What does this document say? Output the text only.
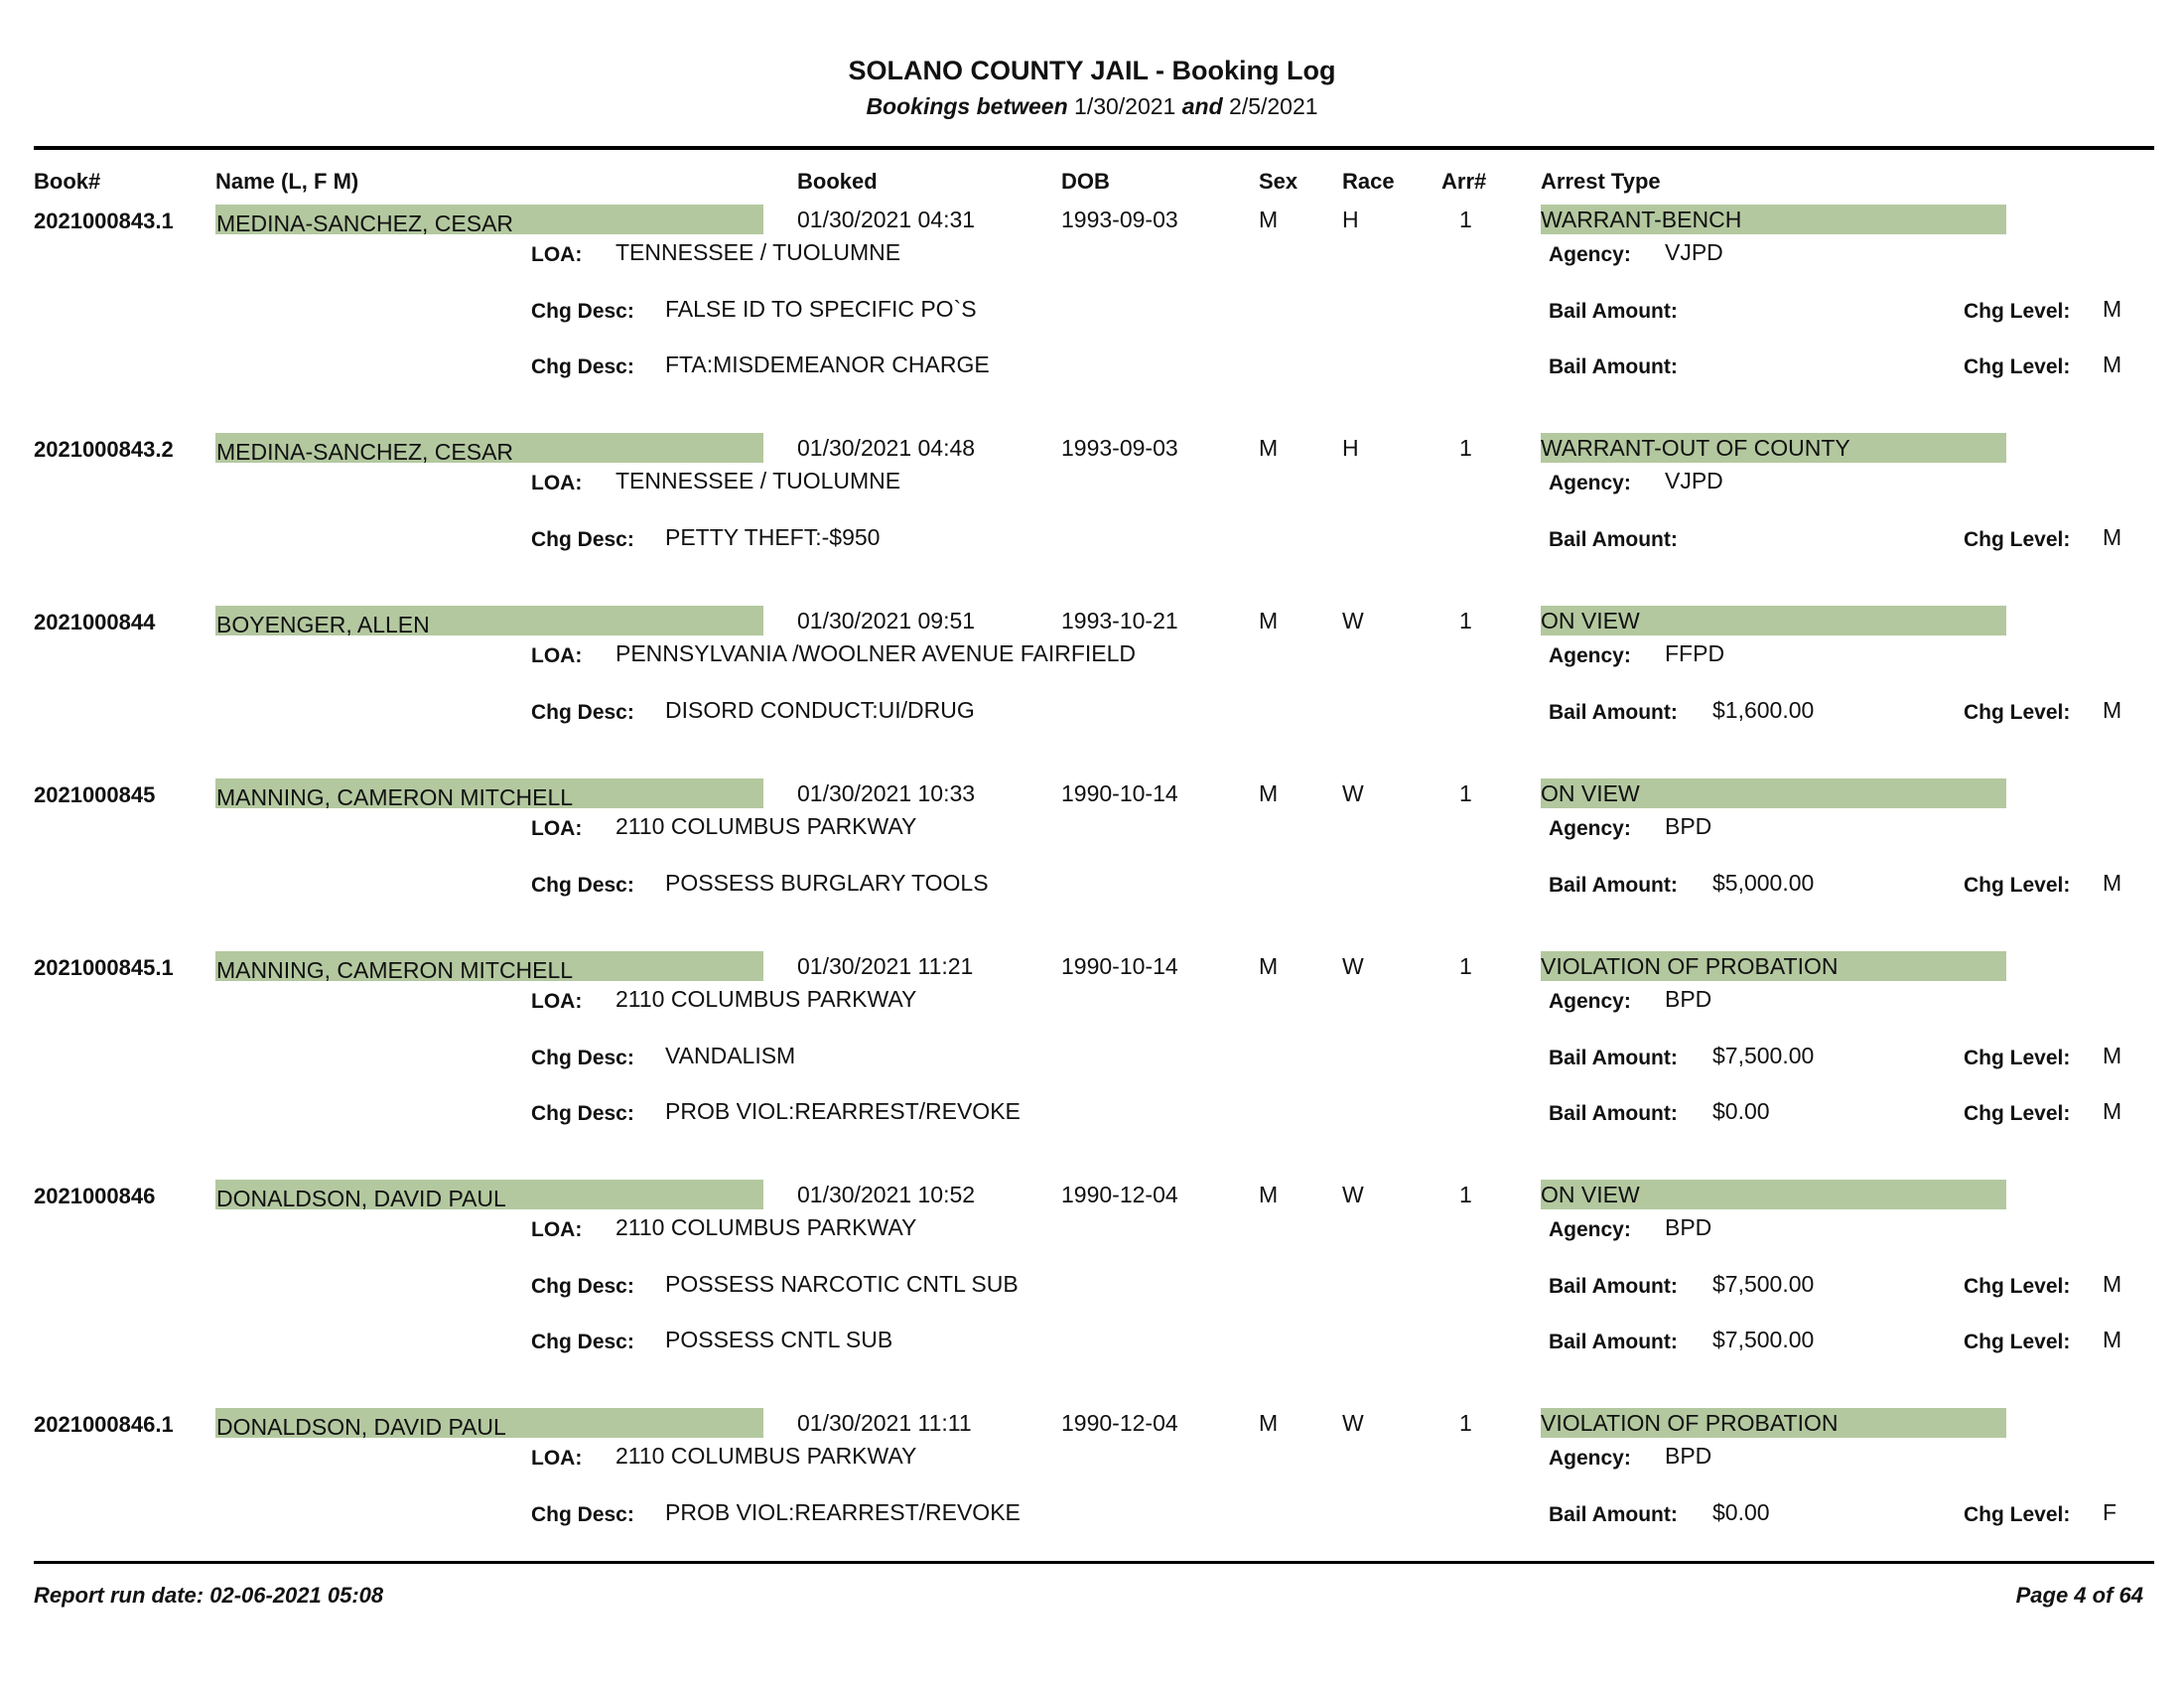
SOLANO COUNTY JAIL - Booking Log
Bookings between 1/30/2021 and 2/5/2021
Book#	Name (L, F M)	Booked	DOB	Sex Race Arr# Arrest Type
2021000843.1 MEDINA-SANCHEZ, CESAR	01/30/2021 04:31	1993-09-03	M	H	1	WARRANT-BENCH
LOA: TENNESSEE / TUOLUMNE	Agency: VJPD
Chg Desc: FALSE ID TO SPECIFIC PO`S	Bail Amount:	Chg Level: M
Chg Desc: FTA:MISDEMEANOR CHARGE	Bail Amount:	Chg Level: M
2021000843.2 MEDINA-SANCHEZ, CESAR	01/30/2021 04:48	1993-09-03	M	H	1	WARRANT-OUT OF COUNTY
LOA: TENNESSEE / TUOLUMNE	Agency: VJPD
Chg Desc: PETTY THEFT:-$950	Bail Amount:	Chg Level: M
2021000844	BOYENGER, ALLEN	01/30/2021 09:51	1993-10-21	M	W	1	ON VIEW
LOA: PENNSYLVANIA /WOOLNER AVENUE FAIRFIELD	Agency: FFPD
Chg Desc: DISORD CONDUCT:UI/DRUG	Bail Amount: $1,600.00	Chg Level: M
2021000845	MANNING, CAMERON MITCHELL	01/30/2021 10:33	1990-10-14	M	W	1	ON VIEW
LOA: 2110 COLUMBUS PARKWAY	Agency: BPD
Chg Desc: POSSESS BURGLARY TOOLS	Bail Amount: $5,000.00	Chg Level: M
2021000845.1 MANNING, CAMERON MITCHELL	01/30/2021 11:21	1990-10-14	M	W	1	VIOLATION OF PROBATION
LOA: 2110 COLUMBUS PARKWAY	Agency: BPD
Chg Desc: VANDALISM	Bail Amount: $7,500.00	Chg Level: M
Chg Desc: PROB VIOL:REARREST/REVOKE	Bail Amount: $0.00	Chg Level: M
2021000846	DONALDSON, DAVID PAUL	01/30/2021 10:52	1990-12-04	M	W	1	ON VIEW
LOA: 2110 COLUMBUS PARKWAY	Agency: BPD
Chg Desc: POSSESS NARCOTIC CNTL SUB	Bail Amount: $7,500.00	Chg Level: M
Chg Desc: POSSESS CNTL SUB	Bail Amount: $7,500.00	Chg Level: M
2021000846.1 DONALDSON, DAVID PAUL	01/30/2021 11:11	1990-12-04	M	W	1	VIOLATION OF PROBATION
LOA: 2110 COLUMBUS PARKWAY	Agency: BPD
Chg Desc: PROB VIOL:REARREST/REVOKE	Bail Amount: $0.00	Chg Level: F
Report run date: 02-06-2021 05:08	Page 4 of 64
